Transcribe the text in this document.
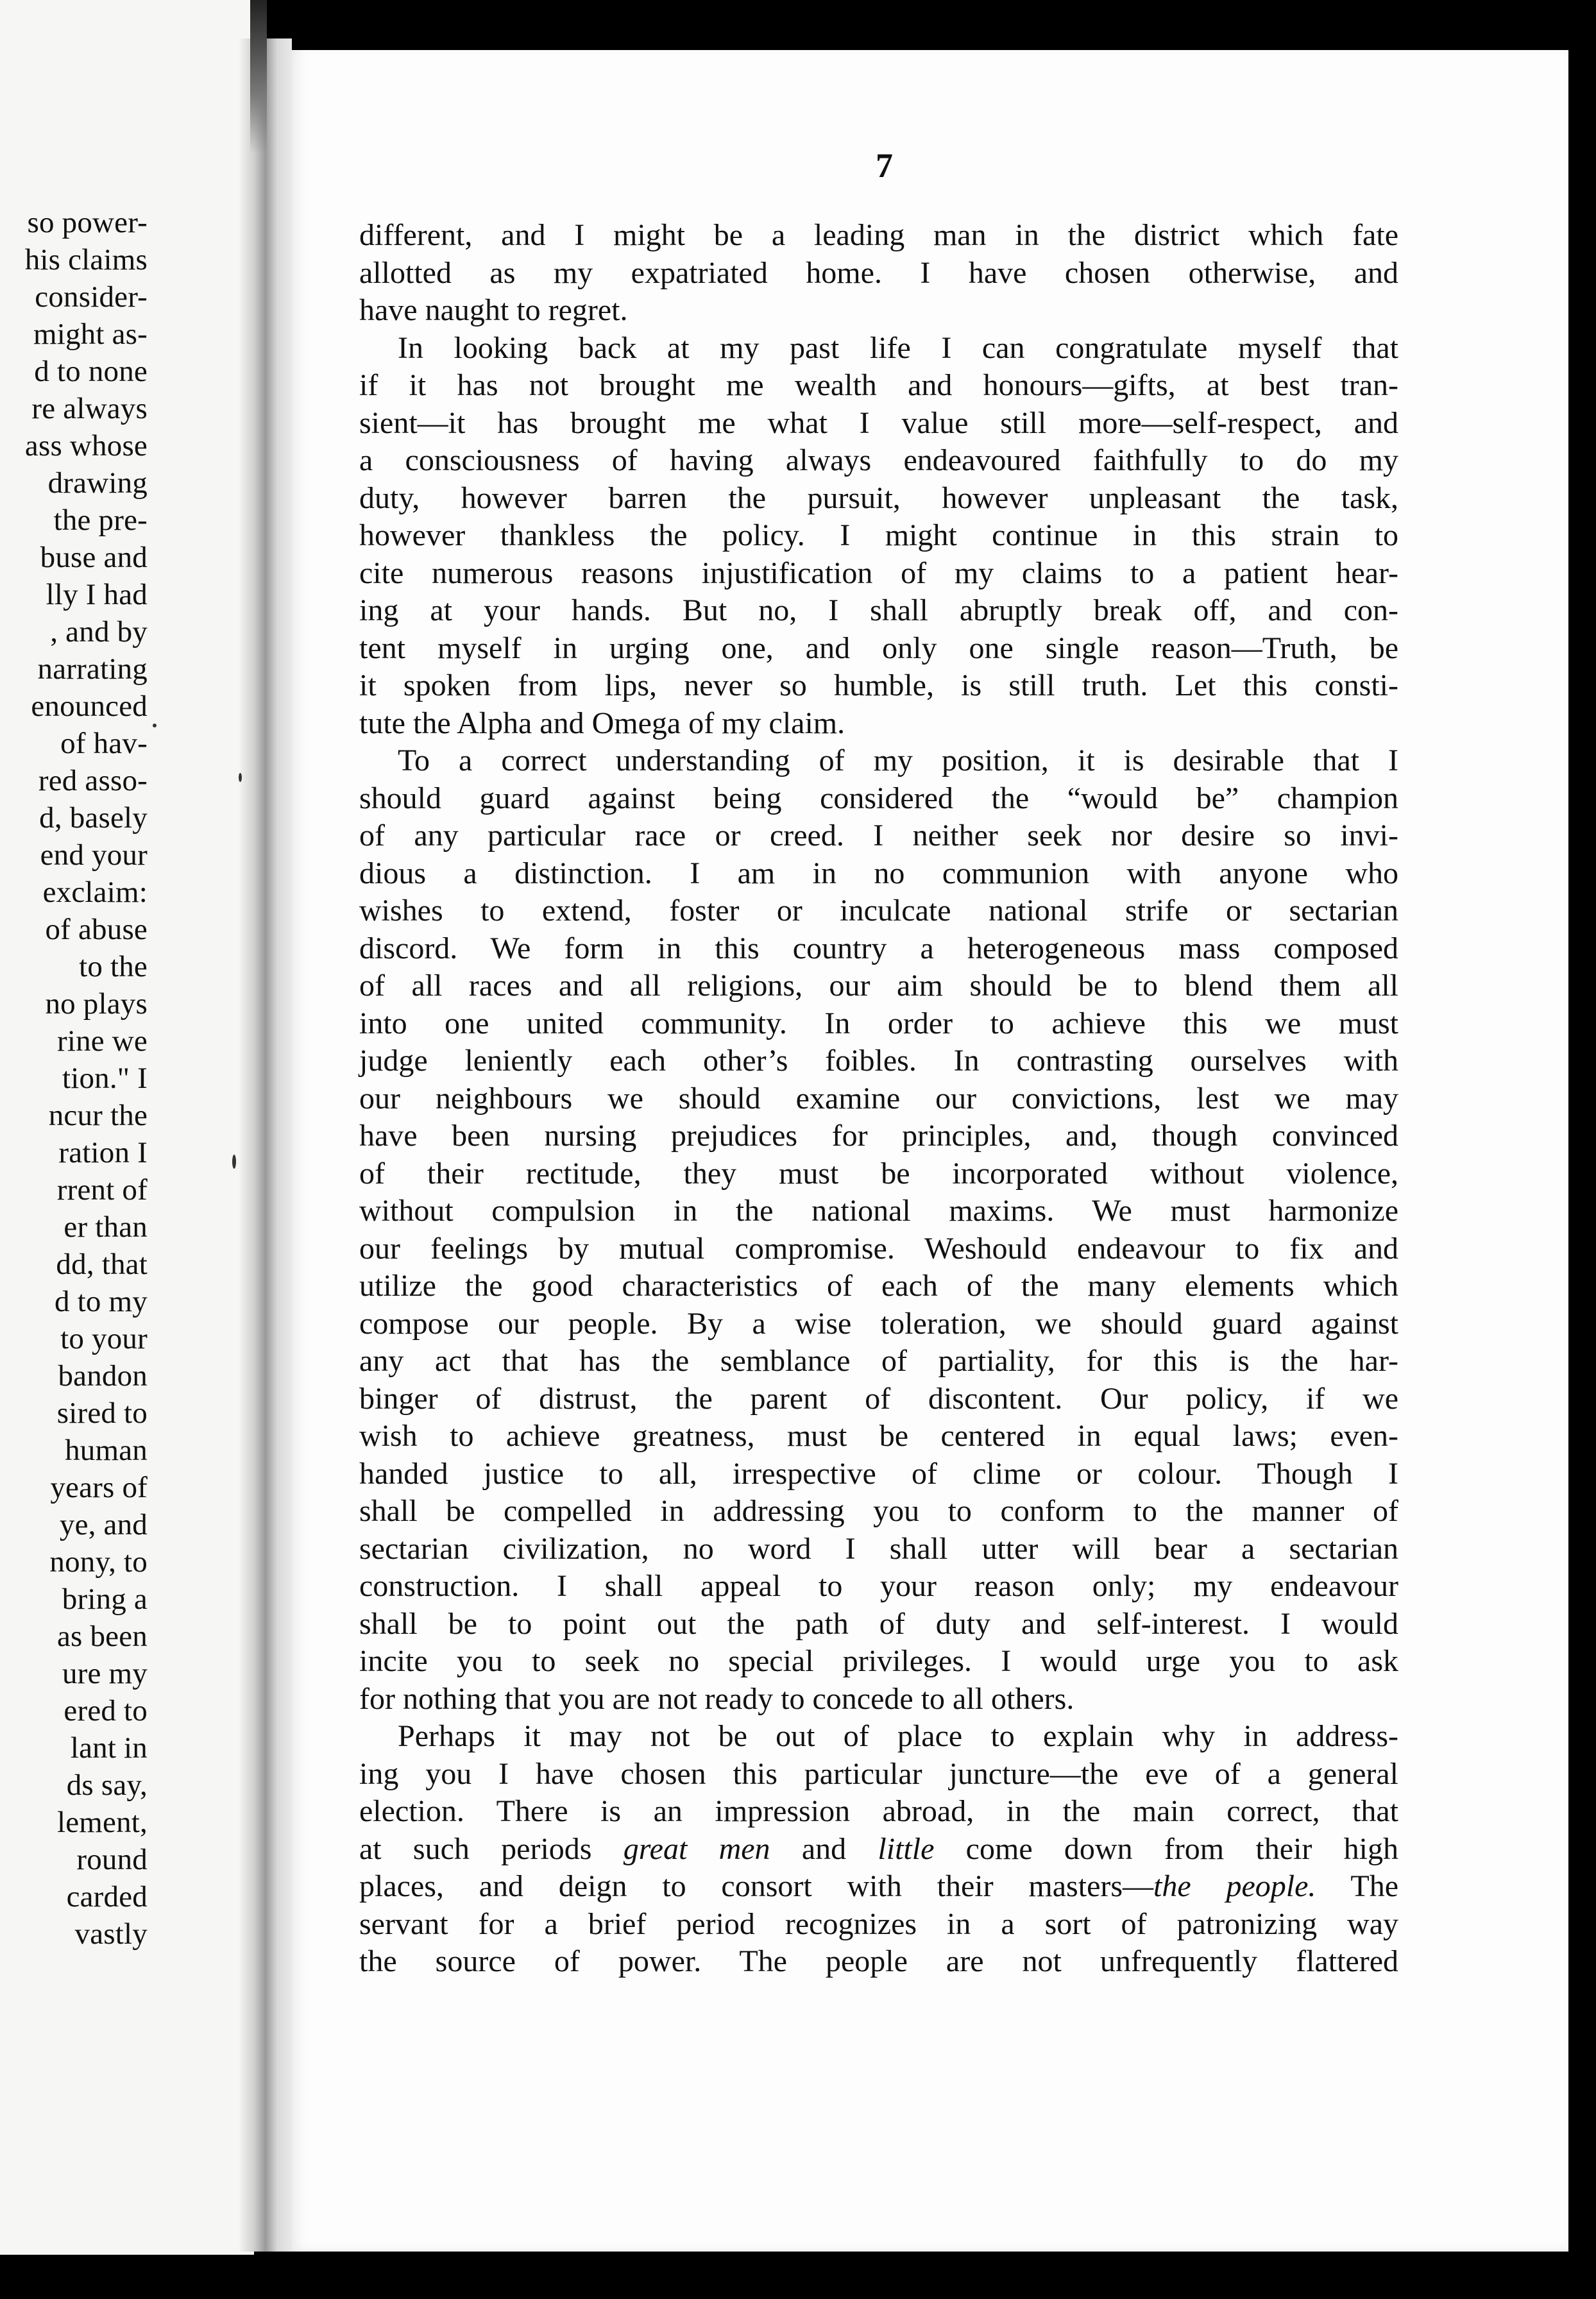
so power-
his claims
consider-
might as-
d to none
re always
ass whose
drawing
the pre-
buse and
lly I had
, and by
narrating
enounced
of hav-
red asso-
d, basely
end your
exclaim:
of abuse
to the
no plays
rine we
tion." I
ncur the
ration I
rrent of
er than
dd, that
d to my
to your
bandon
sired to
human
years of
ye, and
nony, to
bring a
as been
ure my
ered to
lant in
ds say,
lement,
round
carded
vastly
7
different, and I might be a leading man in the district which fate
allotted as my expatriated home. I have chosen otherwise, and
have naught to regret.
In looking back at my past life I can congratulate myself that
if it has not brought me wealth and honours—gifts, at best tran-
sient—it has brought me what I value still more—self-respect, and
a consciousness of having always endeavoured faithfully to do my
duty, however barren the pursuit, however unpleasant the task,
however thankless the policy. I might continue in this strain to
cite numerous reasons injustification of my claims to a patient hear-
ing at your hands. But no, I shall abruptly break off, and con-
tent myself in urging one, and only one single reason—Truth, be
it spoken from lips, never so humble, is still truth. Let this consti-
tute the Alpha and Omega of my claim.
To a correct understanding of my position, it is desirable that I
should guard against being considered the “would be” champion
of any particular race or creed. I neither seek nor desire so invi-
dious a distinction. I am in no communion with anyone who
wishes to extend, foster or inculcate national strife or sectarian
discord. We form in this country a heterogeneous mass composed
of all races and all religions, our aim should be to blend them all
into one united community. In order to achieve this we must
judge leniently each other’s foibles. In contrasting ourselves with
our neighbours we should examine our convictions, lest we may
have been nursing prejudices for principles, and, though convinced
of their rectitude, they must be incorporated without violence,
without compulsion in the national maxims. We must harmonize
our feelings by mutual compromise. Weshould endeavour to fix and
utilize the good characteristics of each of the many elements which
compose our people. By a wise toleration, we should guard against
any act that has the semblance of partiality, for this is the har-
binger of distrust, the parent of discontent. Our policy, if we
wish to achieve greatness, must be centered in equal laws; even-
handed justice to all, irrespective of clime or colour. Though I
shall be compelled in addressing you to conform to the manner of
sectarian civilization, no word I shall utter will bear a sectarian
construction. I shall appeal to your reason only; my endeavour
shall be to point out the path of duty and self-interest. I would
incite you to seek no special privileges. I would urge you to ask
for nothing that you are not ready to concede to all others.
Perhaps it may not be out of place to explain why in address-
ing you I have chosen this particular juncture—the eve of a general
election. There is an impression abroad, in the main correct, that
at such periods great men and little come down from their high
places, and deign to consort with their masters—the people. The
servant for a brief period recognizes in a sort of patronizing way
the source of power. The people are not unfrequently flattered
